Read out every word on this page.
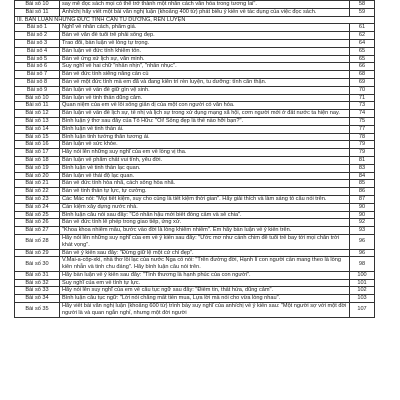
Bài số 10	say mê đọc sách mọi có thể trở thành một nhân cách văn hóa trong tương lai".	58
Bài số 11	Anh/chị hãy viết một bài văn nghị luận (khoảng 400 từ) phát biểu ý kiến về tác dụng của việc đọc sách.	59
III. BÀN LUẬN NHỮNG ĐỨC TÍNH CẦN TU DƯỠNG, RÈN LUYỆN		
Bài số 1	Nghĩ về nhân cách, phẩm giá.	61
Bài số 2	Bàn về văn đề tuổi trẻ phải sống đẹp.	62
Bài số 3	Trao đổi, bàn luận về lòng tự trọng.	64
Bài số 4	Bàn luận về đức tính khiêm tốn.	65
Bài số 5	Bàn về ứng xử lịch sự, văn minh.	65
Bài số 6	Suy nghĩ về hai chữ "nhẫn nhịn", "nhẫn nhục".	66
Bài số 7	Bàn về đức tính siêng năng cần cù	68
Bài số 8	Bàn về một đức tính mà em đã và đang kiên trì rèn luyện, tu dưỡng: tính cẩn thận.	69
Bài số 9	Bàn luận về vấn đề giữ gìn vệ sinh.	70
Bài số 10	Bàn luận về tinh thần dũng cảm.	71
Bài số 11	Quan niệm của em về lối sống giản dị của một con người có văn hóa.	73
Bài số 12	Bàn luận về vấn đề lịch sự, tế nhị và lịch sự trong xử dụng mạng xã hội, cơm người mới ở đất nước ta hiện nay.	74
Bài số 13	Bình luận ý thơ sau đây của Tố Hữu: "Ôi! Sống đẹp là thế nào hỡi bạn?".	75
Bài số 14	Bình luận về tinh thần ái.	77
Bài số 15	Bình luận tinh tướng thân tương ái.	78
Bài số 16	Bàn luận về sức khỏe.	79
Bài số 17	Hãy nói lên những suy nghĩ của em về lòng vị tha.	79
Bài số 18	Bàn luận về phẩm chất vui tính, yêu đời.	81
Bài số 19	Bình luận về tinh thần lạc quan.	83
Bài số 20	Bàn luận về thái độ lạc quan.	84
Bài số 21	Bàn về đức tính hòa nhã, cách sống hòa nhã.	85
Bài số 22	Bàn về tinh thần tự lực, tự cường.	86
Bài số 23	Các Mác nói: "Mọi tiết kiệm, suy cho cùng là tiết kiệm thời gian". Hãy giải thích và làm sáng tỏ câu nói trên.	87
Bài số 24	Cần kiệm xây dựng nước nhà.	90
Bài số 25	Bình luận câu nói sau đây: "Có nhân hậu mới biết đồng cảm và sẻ chia".	90
Bài số 26	Bàn về đức tính lễ phép trong giao tiếp, ứng xử.	92
Bài số 27	"Khoa khoa nhiễm mẫu, bước vào đời là lòng khiêm nhiễm". Em hãy bàn luận về ý kiến trên.	93
Bài số 28	Hãy nói lên những suy nghĩ của em về ý kiến sau đây: "Ước mơ như cánh chim để tuổi trẻ bay tới mọi chân trời khát vọng".	96
Bài số 29	Bàn về ý kiến sau đây: "Đừng giữ lệ một cử chỉ đẹp".	96
Bài số 30	V.Mai-a-cốp-xki, nhà thơ lỗi lạc của nước Nga có nói: "Trên đường đời, Hạnh lí con người cần mang theo là lòng kiên nhẫn và tinh chu đáng". Hãy bình luận câu nói trên.	98
Bài số 31	Hãy bàn luận về ý kiến sau đây: "Tình thương là hạnh phúc của con người".	100
Bài số 32	Suy nghĩ của em về tính tự lực.	101
Bài số 33	Hãy nói lên suy nghĩ của em về câu tục ngữ sau đây: "Điếm tin, thất hứa, dũng cảm".	102
Bài số 34	Bình luận câu tục ngữ: "Lời nói chẳng mất tiền mua, Lựa lời mà nói cho vừa lòng nhau".	103
Bài số 35	Hãy viết bài văn nghị luận (khoảng 600 từ) trình bày suy nghĩ của anh/chị về ý kiến sau: "Một người sợ với một đời người là và quan ngắn nghỉ, nhưng một đời người	107
